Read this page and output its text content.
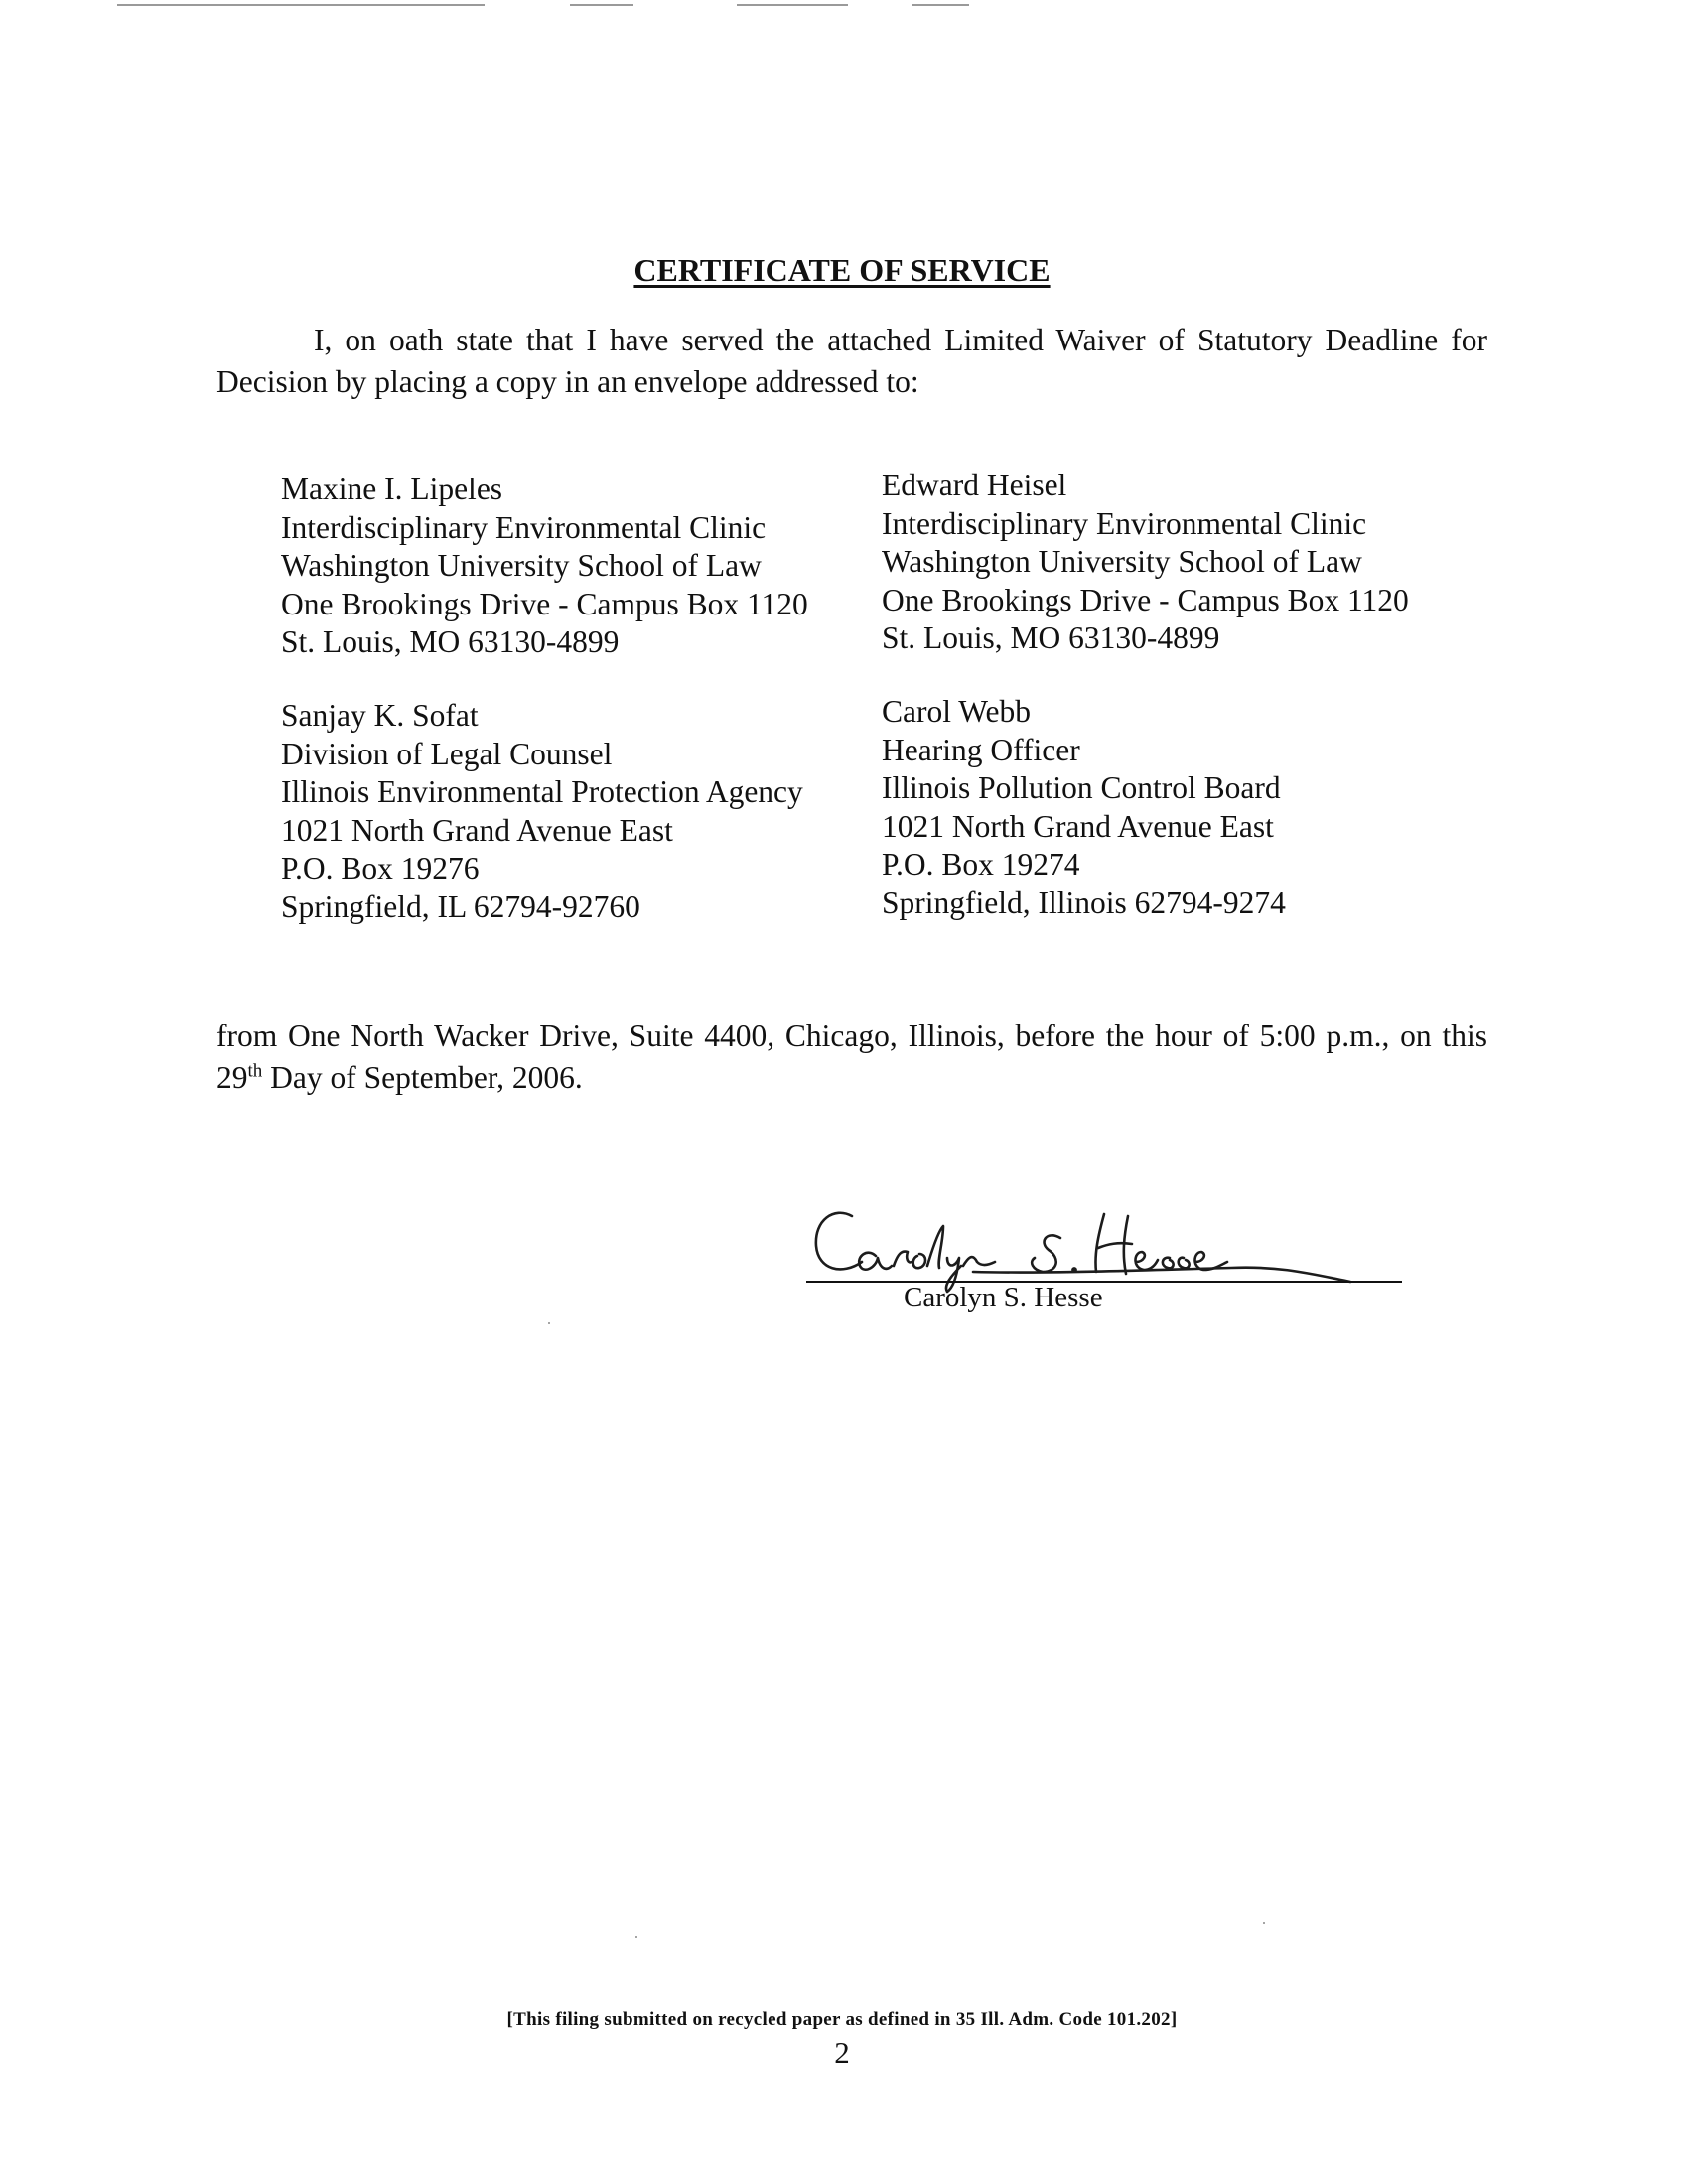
CERTIFICATE OF SERVICE

I, on oath state that I have served the attached Limited Waiver of Statutory Deadline for Decision by placing a copy in an envelope addressed to:

Maxine I. Lipeles
Interdisciplinary Environmental Clinic
Washington University School of Law
One Brookings Drive - Campus Box 1120
St. Louis, MO 63130-4899
Edward Heisel
Interdisciplinary Environmental Clinic
Washington University School of Law
One Brookings Drive - Campus Box 1120
St. Louis, MO 63130-4899
Sanjay K. Sofat
Division of Legal Counsel
Illinois Environmental Protection Agency
1021 North Grand Avenue East
P.O. Box 19276
Springfield, IL 62794-92760
Carol Webb
Hearing Officer
Illinois Pollution Control Board
1021 North Grand Avenue East
P.O. Box 19274
Springfield, Illinois 62794-9274

from One North Wacker Drive, Suite 4400, Chicago, Illinois, before the hour of 5:00 p.m., on this 29th Day of September, 2006.

Carolyn S. Hesse
[This filing submitted on recycled paper as defined in 35 Ill. Adm. Code 101.202]
2
